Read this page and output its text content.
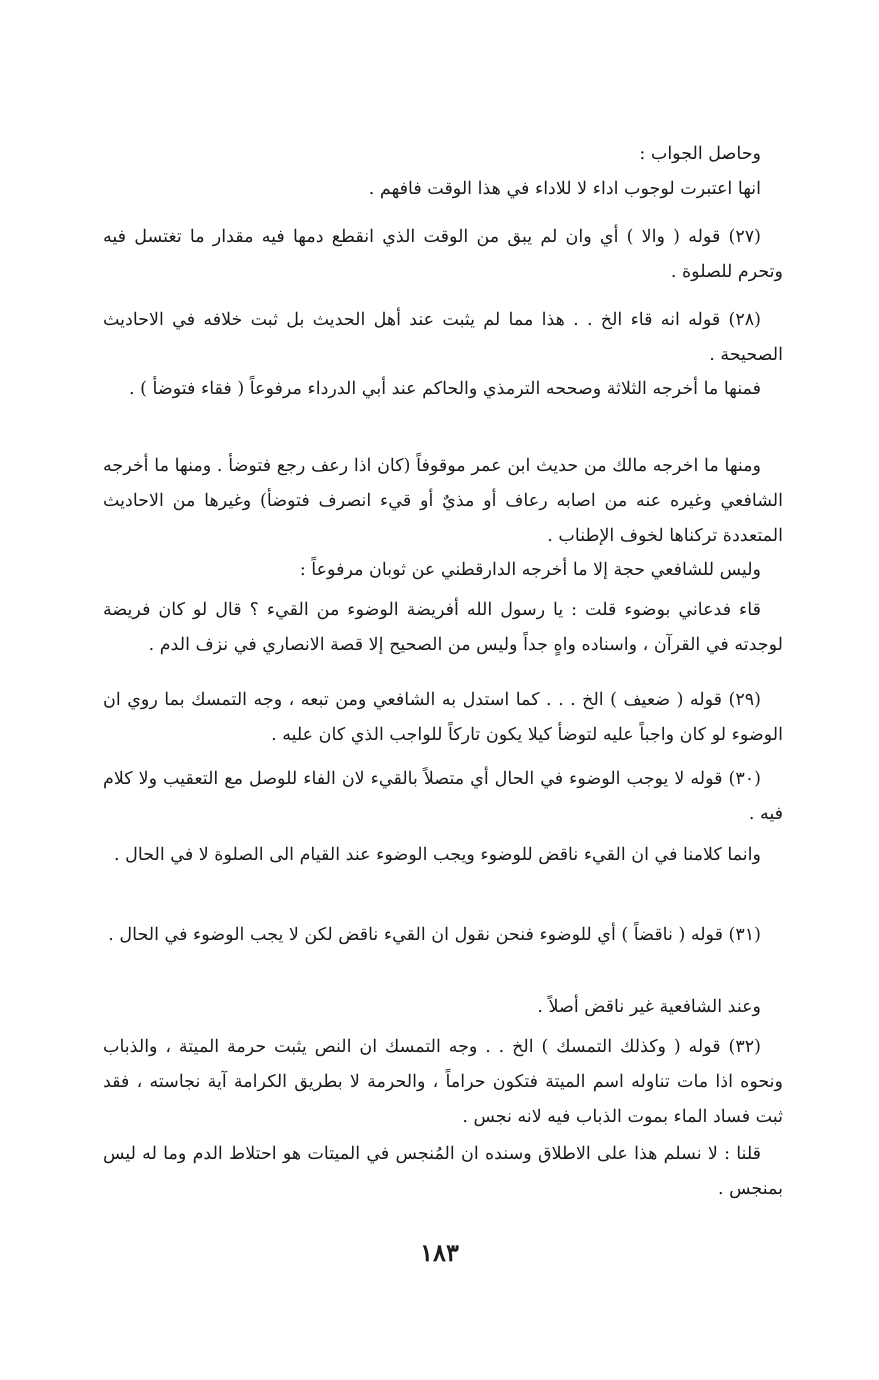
وحاصل الجواب :
انها اعتبرت لوجوب اداء لا للاداء في هذا الوقت فافهم .
(٢٧) قوله ( والا ) أي وان لم يبق من الوقت الذي انقطع دمها فيه مقدار ما تغتسل فيه وتحرم للصلوة .
(٢٨) قوله انه قاء الخ . . هذا مما لم يثبت عند أهل الحديث بل ثبت خلافه في الاحاديث الصحيحة .
فمنها ما أخرجه الثلاثة وصححه الترمذي والحاكم عند أبي الدرداء مرفوعاً ( فقاء فتوضأ ) .
ومنها ما اخرجه مالك من حديث ابن عمر موقوفاً (كان اذا رعف رجع فتوضأ . ومنها ما أخرجه الشافعي وغيره عنه من اصابه رعاف أو مذيٌ أو قيء انصرف فتوضأ) وغيرها من الاحاديث المتعددة تركناها لخوف الإطناب .
وليس للشافعي حجة إلا ما أخرجه الدارقطني عن ثوبان مرفوعاً :
قاء فدعاني بوضوء قلت : يا رسول الله أفريضة الوضوء من القيء ؟ قال لو كان فريضة لوجدته في القرآن ، واسناده واهٍ جداً وليس من الصحيح إلا قصة الانصاري في نزف الدم .
(٢٩) قوله ( ضعيف ) الخ . . . كما استدل به الشافعي ومن تبعه ، وجه التمسك بما روي ان الوضوء لو كان واجباً عليه لتوضأ كيلا يكون تاركاً للواجب الذي كان عليه .
(٣٠) قوله لا يوجب الوضوء في الحال أي متصلاً بالقيء لان الفاء للوصل مع التعقيب ولا كلام فيه .
وانما كلامنا في ان القيء ناقض للوضوء ويجب الوضوء عند القيام الى الصلوة لا في الحال .
(٣١) قوله ( ناقضاً ) أي للوضوء فنحن نقول ان القيء ناقض لكن لا يجب الوضوء في الحال .
وعند الشافعية غير ناقض أصلاً .
(٣٢) قوله ( وكذلك التمسك ) الخ . . وجه التمسك ان النص يثبت حرمة الميتة ، والذباب ونحوه اذا مات تناوله اسم الميتة فتكون حراماً ، والحرمة لا بطريق الكرامة آية نجاسته ، فقد ثبت فساد الماء بموت الذباب فيه لانه نجس .
قلنا : لا نسلم هذا على الاطلاق وسنده ان المُنجس في الميتات هو احتلاط الدم وما له ليس بمنجس .
١٨٣
